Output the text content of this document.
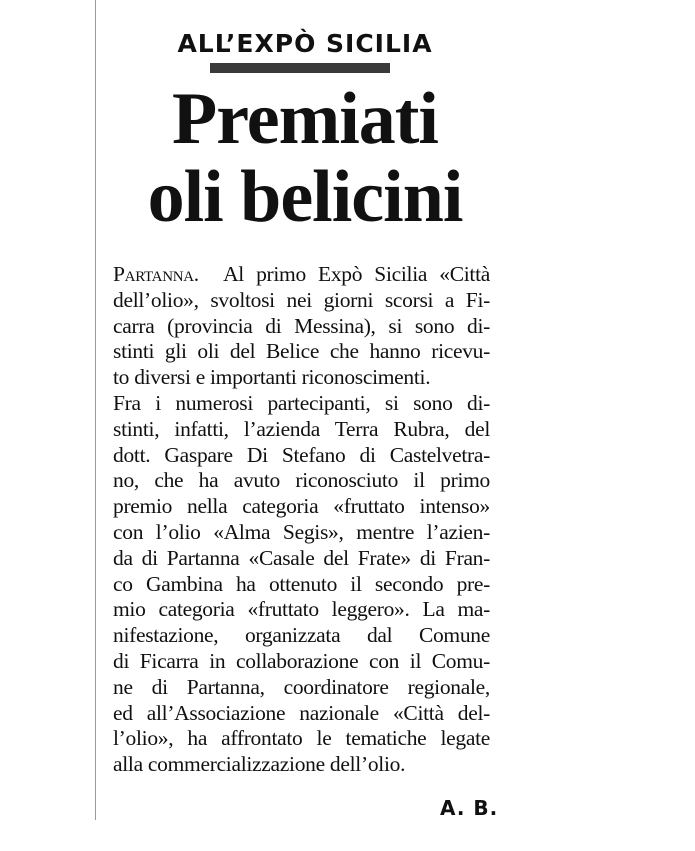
ALL’EXPÒ SICILIA
Premiati
oli belicini
Partanna. Al primo Expò Sicilia «Città
dell’olio», svoltosi nei giorni scorsi a Fi-
carra (provincia di Messina), si sono di-
stinti gli oli del Belice che hanno ricevu-
to diversi e importanti riconoscimenti.
Fra i numerosi partecipanti, si sono di-
stinti, infatti, l’azienda Terra Rubra, del
dott. Gaspare Di Stefano di Castelvetra-
no, che ha avuto riconosciuto il primo
premio nella categoria «fruttato intenso»
con l’olio «Alma Segis», mentre l’azien-
da di Partanna «Casale del Frate» di Fran-
co Gambina ha ottenuto il secondo pre-
mio categoria «fruttato leggero». La ma-
nifestazione, organizzata dal Comune
di Ficarra in collaborazione con il Comu-
ne di Partanna, coordinatore regionale,
ed all’Associazione nazionale «Città del-
l’olio», ha affrontato le tematiche legate
alla commercializzazione dell’olio.
A. B.
